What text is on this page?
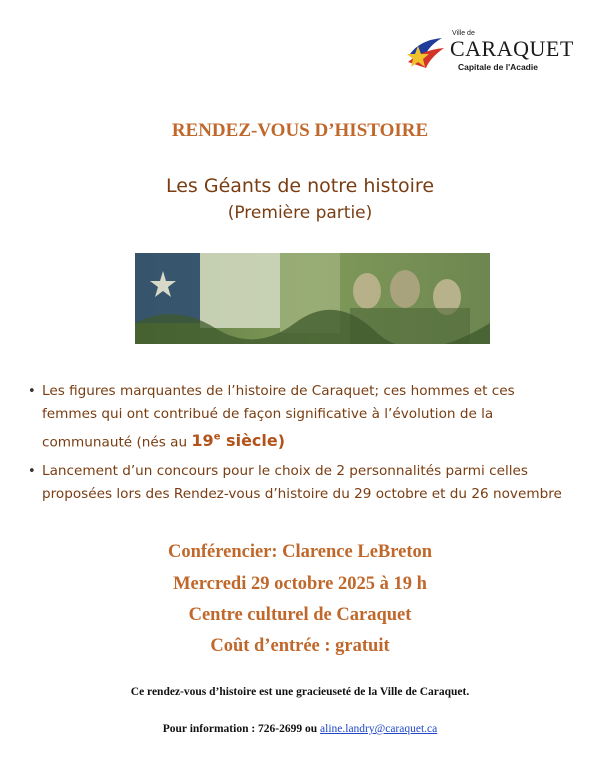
Ville de
CARAQUET
Capitale de l'Acadie
RENDEZ-VOUS D’HISTOIRE
Les Géants de notre histoire
(Première partie)
• Les figures marquantes de l’histoire de Caraquet; ces hommes et ces femmes qui ont contribué de façon significative à l’évolution de la communauté (nés au 19e siècle)
• Lancement d’un concours pour le choix de 2 personnalités parmi celles proposées lors des Rendez-vous d’histoire du 29 octobre et du 26 novembre
Conférencier: Clarence LeBreton
Mercredi 29 octobre 2025 à 19 h
Centre culturel de Caraquet
Coût d’entrée : gratuit
Ce rendez-vous d’histoire est une gracieuseté de la Ville de Caraquet.
Pour information : 726-2699 ou aline.landry@caraquet.ca
